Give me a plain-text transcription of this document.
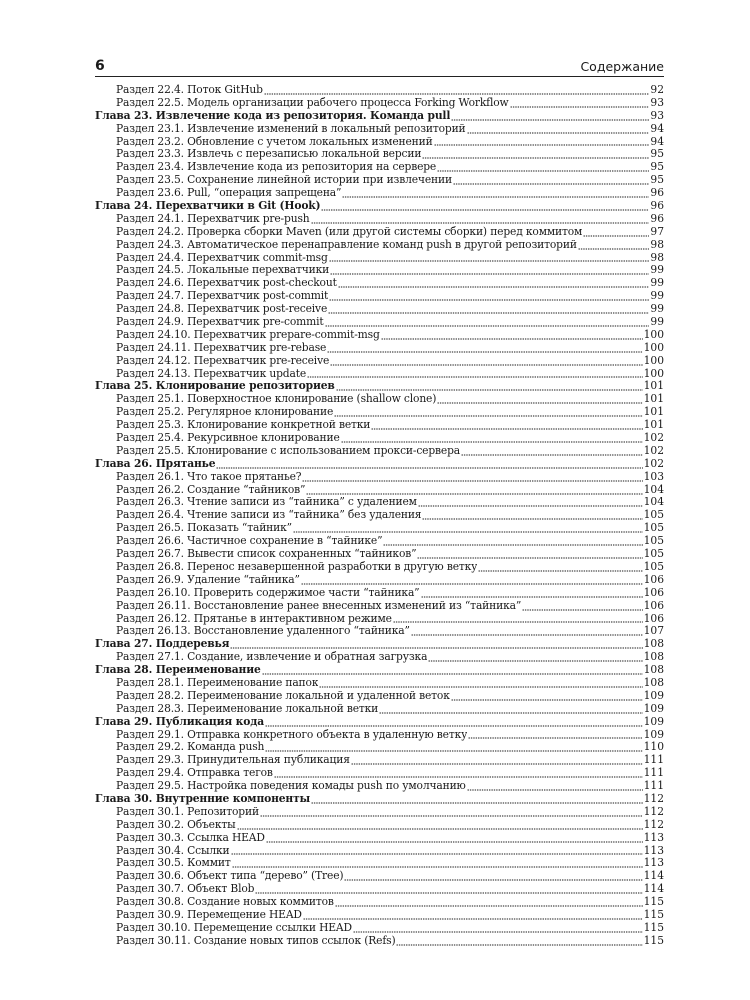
6	Содержание
Раздел 22.4. Поток GitHub	92
Раздел 22.5. Модель организации рабочего процесса Forking Workflow	93
Глава 23. Извлечение кода из репозитория. Команда pull	93
Раздел 23.1. Извлечение изменений в локальный репозиторий	94
Раздел 23.2. Обновление с учетом локальных изменений	94
Раздел 23.3. Извлечь с перезаписью локальной версии	95
Раздел 23.4. Извлечение кода из репозитория на сервере	95
Раздел 23.5. Сохранение линейной истории при извлечении	95
Раздел 23.6. Pull, “операция запрещена”	96
Глава 24. Перехватчики в Git (Hook)	96
Раздел 24.1. Перехватчик pre-push	96
Раздел 24.2. Проверка сборки Maven (или другой системы сборки) перед коммитом	97
Раздел 24.3. Автоматическое перенаправление команд push в другой репозиторий	98
Раздел 24.4. Перехватчик commit-msg	98
Раздел 24.5. Локальные перехватчики	99
Раздел 24.6. Перехватчик post-checkout	99
Раздел 24.7. Перехватчик post-commit	99
Раздел 24.8. Перехватчик post-receive	99
Раздел 24.9. Перехватчик pre-commit	99
Раздел 24.10. Перехватчик prepare-commit-msg	100
Раздел 24.11. Перехватчик pre-rebase	100
Раздел 24.12. Перехватчик pre-receive	100
Раздел 24.13. Перехватчик update	100
Глава 25. Клонирование репозиториев	101
Раздел 25.1. Поверхностное клонирование (shallow clone)	101
Раздел 25.2. Регулярное клонирование	101
Раздел 25.3. Клонирование конкретной ветки	101
Раздел 25.4. Рекурсивное клонирование	102
Раздел 25.5. Клонирование с использованием прокси-сервера	102
Глава 26. Прятанье	102
Раздел 26.1. Что такое прятанье?	103
Раздел 26.2. Создание “тайников”	104
Раздел 26.3. Чтение записи из “тайника” с удалением	104
Раздел 26.4. Чтение записи из “тайника” без удаления	105
Раздел 26.5. Показать “тайник”	105
Раздел 26.6. Частичное сохранение в “тайнике”	105
Раздел 26.7. Вывести список сохраненных “тайников”	105
Раздел 26.8. Перенос незавершенной разработки в другую ветку	105
Раздел 26.9. Удаление “тайника”	106
Раздел 26.10. Проверить содержимое части “тайника”	106
Раздел 26.11. Восстановление ранее внесенных изменений из “тайника”	106
Раздел 26.12. Прятанье в интерактивном режиме	106
Раздел 26.13. Восстановление удаленного “тайника”	107
Глава 27. Поддеревья	108
Раздел 27.1. Создание, извлечение и обратная загрузка	108
Глава 28. Переименование	108
Раздел 28.1. Переименование папок	108
Раздел 28.2. Переименование локальной и удаленной веток	109
Раздел 28.3. Переименование локальной ветки	109
Глава 29. Публикация кода	109
Раздел 29.1. Отправка конкретного объекта в удаленную ветку	109
Раздел 29.2. Команда push	110
Раздел 29.3. Принудительная публикация	111
Раздел 29.4. Отправка тегов	111
Раздел 29.5. Настройка поведения комады push по умолчанию	111
Глава 30. Внутренние компоненты	112
Раздел 30.1. Репозиторий	112
Раздел 30.2. Объекты	112
Раздел 30.3. Ссылка HEAD	113
Раздел 30.4. Ссылки	113
Раздел 30.5. Коммит	113
Раздел 30.6. Объект типа “дерево” (Tree)	114
Раздел 30.7. Объект Blob	114
Раздел 30.8. Создание новых коммитов	115
Раздел 30.9. Перемещение HEAD	115
Раздел 30.10. Перемещение ссылки HEAD	115
Раздел 30.11. Создание новых типов ссылок (Refs)	115
